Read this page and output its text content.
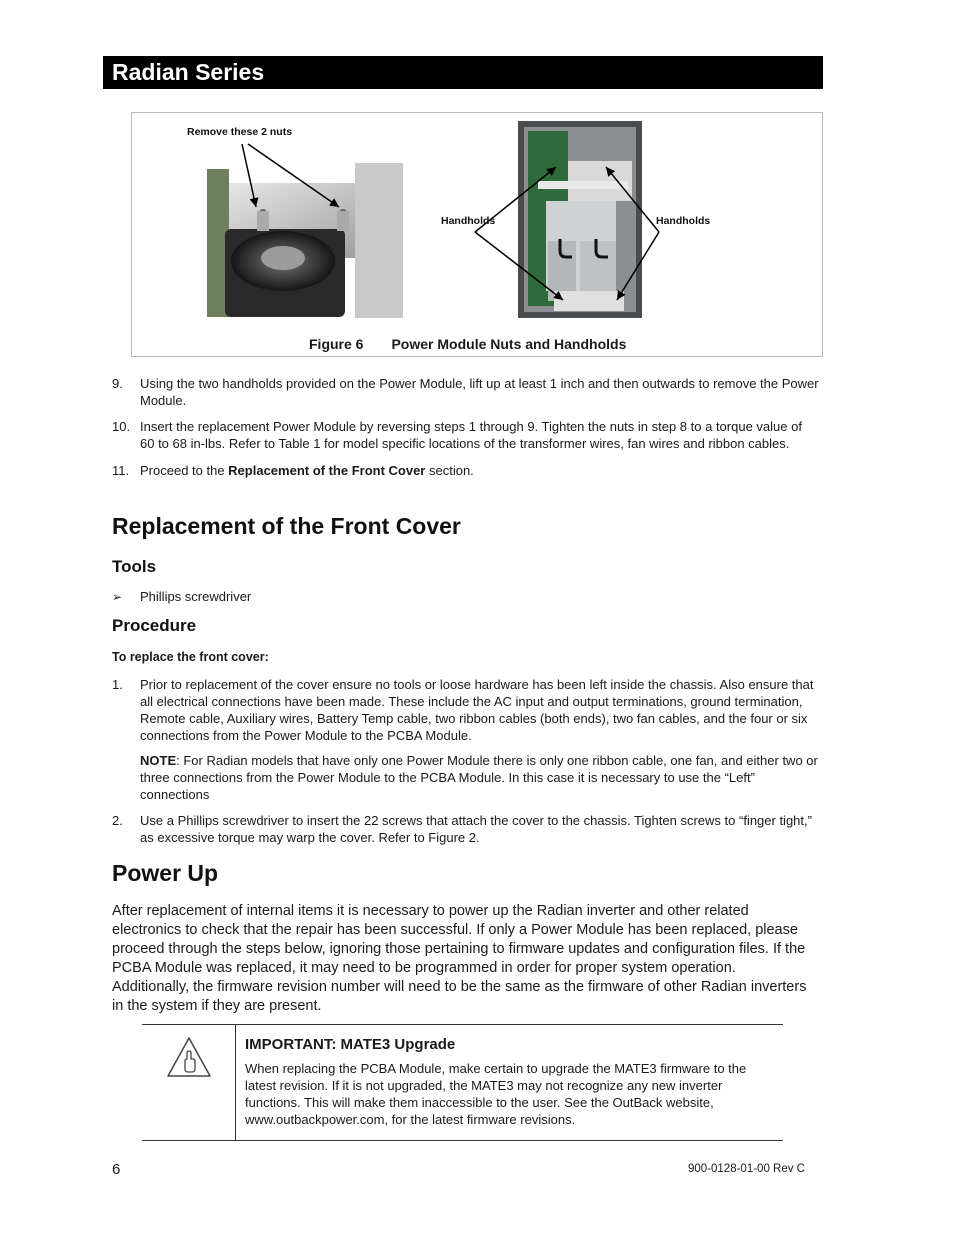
Radian Series
Remove these 2 nuts
Handholds	Handholds
Figure 6 Power Module Nuts and Handholds
9. Using the two handholds provided on the Power Module, lift up at least 1 inch and then outwards to remove the Power Module.
10. Insert the replacement Power Module by reversing steps 1 through 9. Tighten the nuts in step 8 to a torque value of 60 to 68 in-lbs. Refer to Table 1 for model specific locations of the transformer wires, fan wires and ribbon cables.
11. Proceed to the Replacement of the Front Cover section.
Replacement of the Front Cover
Tools
➢ Phillips screwdriver
Procedure
To replace the front cover:
1. Prior to replacement of the cover ensure no tools or loose hardware has been left inside the chassis. Also ensure that all electrical connections have been made. These include the AC input and output terminations, ground termination, Remote cable, Auxiliary wires, Battery Temp cable, two ribbon cables (both ends), two fan cables, and the four or six connections from the Power Module to the PCBA Module.
NOTE: For Radian models that have only one Power Module there is only one ribbon cable, one fan, and either two or three connections from the Power Module to the PCBA Module. In this case it is necessary to use the “Left” connections
2. Use a Phillips screwdriver to insert the 22 screws that attach the cover to the chassis. Tighten screws to “finger tight,” as excessive torque may warp the cover. Refer to Figure 2.
Power Up
After replacement of internal items it is necessary to power up the Radian inverter and other related electronics to check that the repair has been successful. If only a Power Module has been replaced, please proceed through the steps below, ignoring those pertaining to firmware updates and configuration files. If the PCBA Module was replaced, it may need to be programmed in order for proper system operation. Additionally, the firmware revision number will need to be the same as the firmware of other Radian inverters in the system if they are present.
IMPORTANT: MATE3 Upgrade
When replacing the PCBA Module, make certain to upgrade the MATE3 firmware to the latest revision. If it is not upgraded, the MATE3 may not recognize any new inverter functions. This will make them inaccessible to the user. See the OutBack website, www.outbackpower.com, for the latest firmware revisions.
6	900-0128-01-00 Rev C
